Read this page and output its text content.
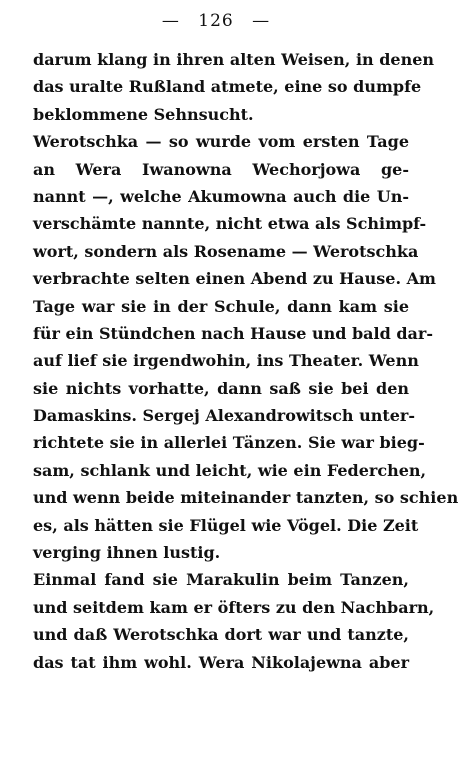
— 126 —
darum klang in ihren alten Weisen, in denen
das uralte Rußland atmete, eine so dumpfe
beklommene Sehnsucht.
Werotschka — so wurde vom ersten Tage
an Wera Iwanowna Wechorjowa ge-
nannt —, welche Akumowna auch die Un-
verschämte nannte, nicht etwa als Schimpf-
wort, sondern als Rosename — Werotschka
verbrachte selten einen Abend zu Hause. Am
Tage war sie in der Schule, dann kam sie
für ein Stündchen nach Hause und bald dar-
auf lief sie irgendwohin, ins Theater. Wenn
sie nichts vorhatte, dann saß sie bei den
Damaskins. Sergej Alexandrowitsch unter-
richtete sie in allerlei Tänzen. Sie war bieg-
sam, schlank und leicht, wie ein Federchen,
und wenn beide miteinander tanzten, so schien
es, als hätten sie Flügel wie Vögel. Die Zeit
verging ihnen lustig.
Einmal fand sie Marakulin beim Tanzen,
und seitdem kam er öfters zu den Nachbarn,
und daß Werotschka dort war und tanzte,
das tat ihm wohl. Wera Nikolajewna aber
